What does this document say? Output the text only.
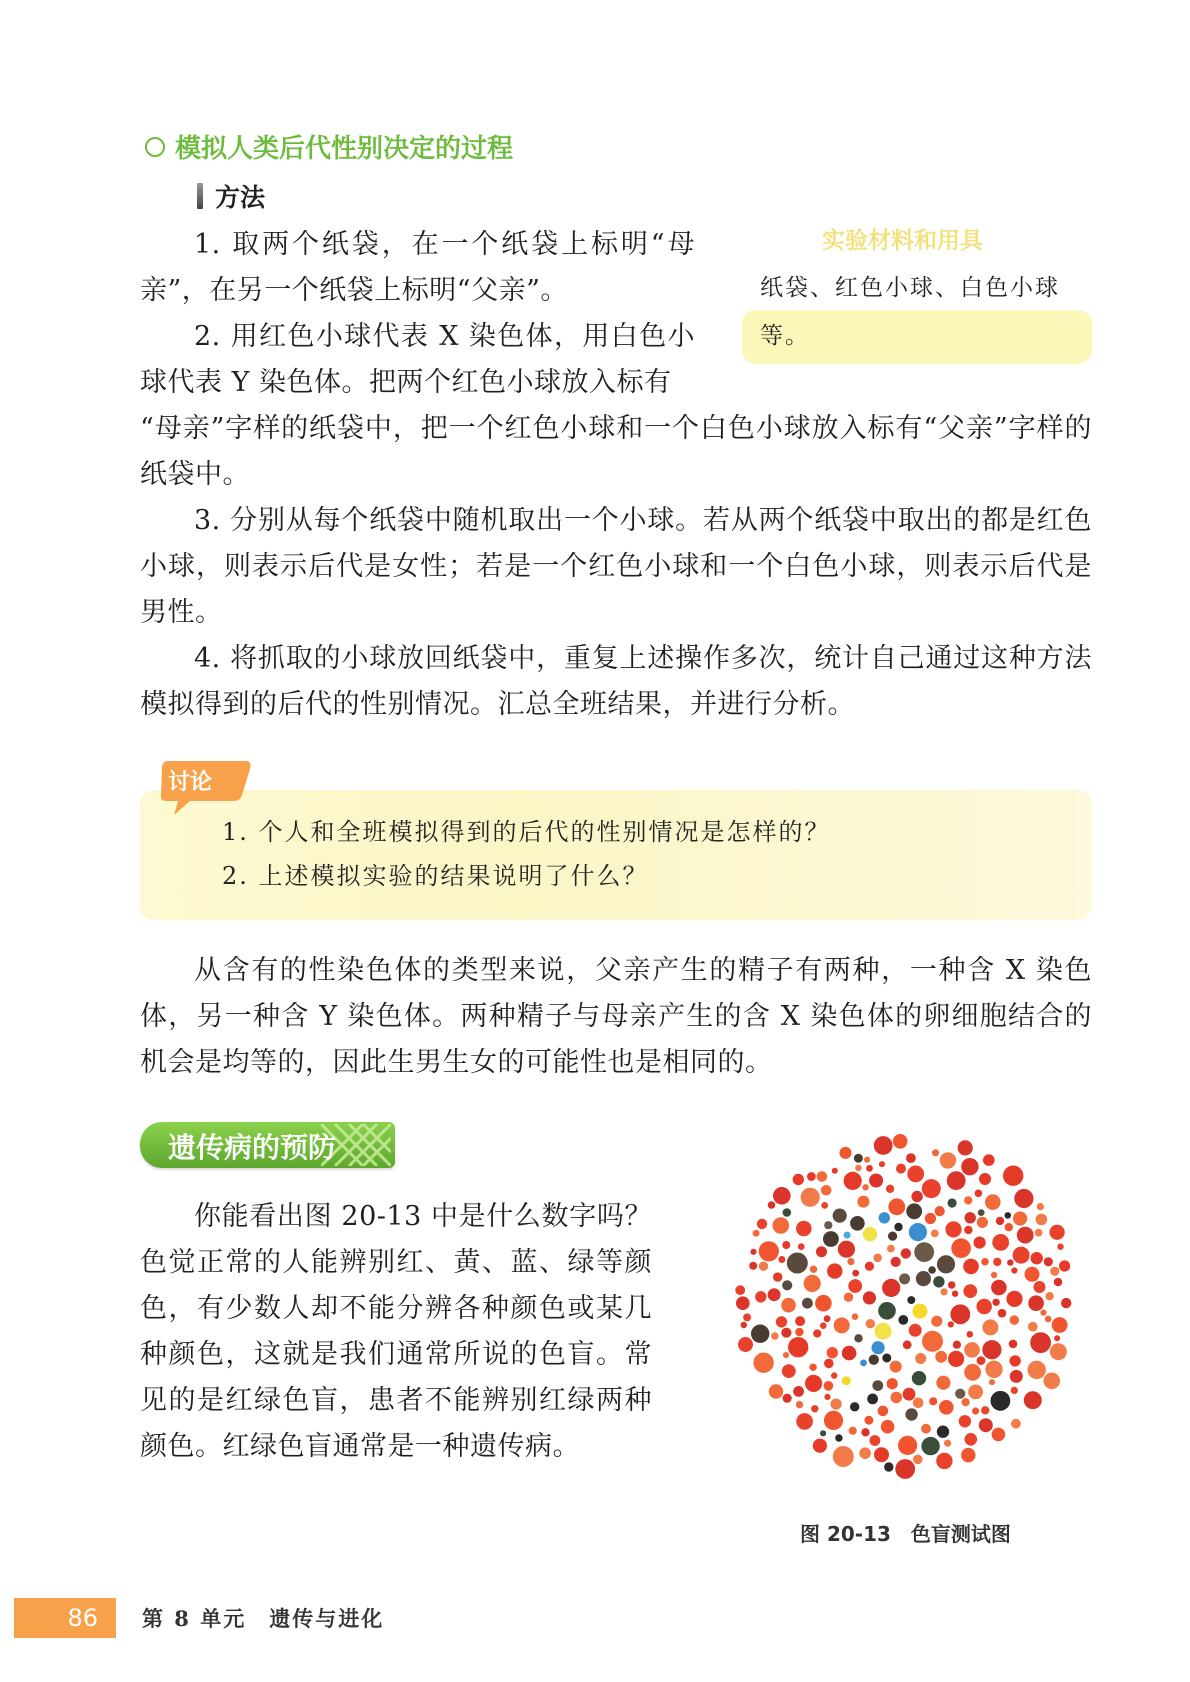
模拟人类后代性别决定的过程
方法

1. 取两个纸袋，在一个纸袋上标明“母亲”，在另一个纸袋上标明“父亲”。

2. 用红色小球代表 X 染色体，用白色小球代表 Y 染色体。把两个红色小球放入标有

“母亲”字样的纸袋中，把一个红色小球和一个白色小球放入标有“父亲”字样的纸袋中。

实验材料和用具
纸袋、红色小球、白色小球等。

3. 分别从每个纸袋中随机取出一个小球。若从两个纸袋中取出的都是红色小球，则表示后代是女性；若是一个红色小球和一个白色小球，则表示后代是男性。

4. 将抓取的小球放回纸袋中，重复上述操作多次，统计自己通过这种方法模拟得到的后代的性别情况。汇总全班结果，并进行分析。

讨论
1. 个人和全班模拟得到的后代的性别情况是怎样的？
2. 上述模拟实验的结果说明了什么？
从含有的性染色体的类型来说，父亲产生的精子有两种，一种含 X 染色体，另一种含 Y 染色体。两种精子与母亲产生的含 X 染色体的卵细胞结合的机会是均等的，因此生男生女的可能性也是相同的。
遗传病的预防
你能看出图 20-13 中是什么数字吗？色觉正常的人能辨别红、黄、蓝、绿等颜色，有少数人却不能分辨各种颜色或某几种颜色，这就是我们通常所说的色盲。常见的是红绿色盲，患者不能辨别红绿两种颜色。红绿色盲通常是一种遗传病。
图 20-13　色盲测试图
86	第 8 单元　遗传与进化
